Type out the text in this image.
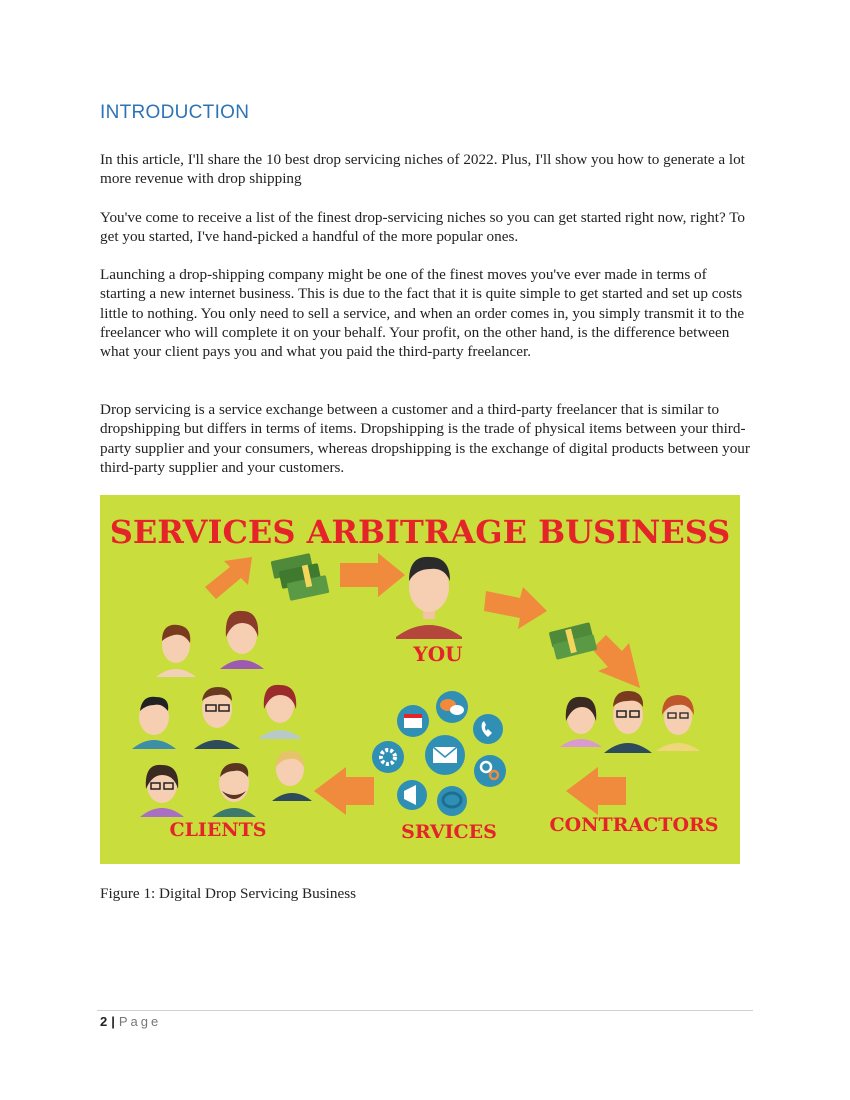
INTRODUCTION

In this article, I'll share the 10 best drop servicing niches of 2022. Plus, I'll show you how to generate a lot more revenue with drop shipping

You've come to receive a list of the finest drop-servicing niches so you can get started right now, right? To get you started, I've hand-picked a handful of the more popular ones.

Launching a drop-shipping company might be one of the finest moves you've ever made in terms of starting a new internet business. This is due to the fact that it is quite simple to get started and set up costs little to nothing. You only need to sell a service, and when an order comes in, you simply transmit it to the freelancer who will complete it on your behalf. Your profit, on the other hand, is the difference between what your client pays you and what you paid the third-party freelancer.

Drop servicing is a service exchange between a customer and a third-party freelancer that is similar to dropshipping but differs in terms of items. Dropshipping is the trade of physical items between your third-party supplier and your consumers, whereas dropshipping is the exchange of digital products between your third-party supplier and your customers.

SERVICES ARBITRAGE BUSINESS
YOU
CLIENTS	SRVICES	CONTRACTORS

Figure 1: Digital Drop Servicing Business

2 | Page
